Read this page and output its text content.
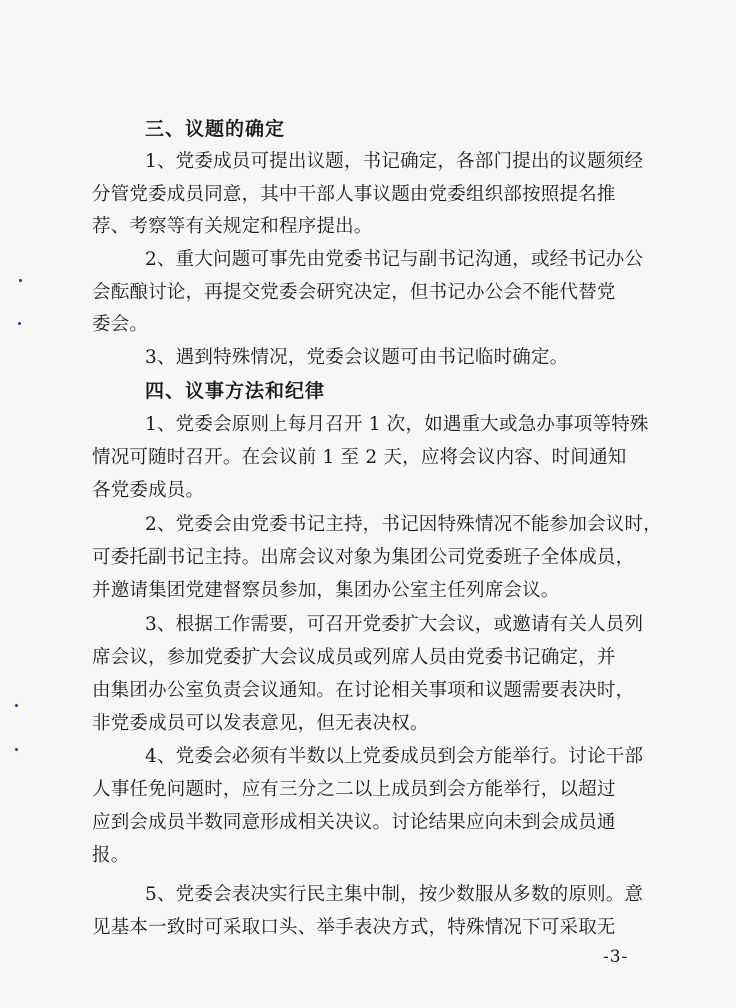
三、议题的确定
1、党委成员可提出议题，书记确定，各部门提出的议题须经
分管党委成员同意，其中干部人事议题由党委组织部按照提名推
荐、考察等有关规定和程序提出。
2、重大问题可事先由党委书记与副书记沟通，或经书记办公
会酝酿讨论，再提交党委会研究决定，但书记办公会不能代替党
委会。
3、遇到特殊情况，党委会议题可由书记临时确定。
四、议事方法和纪律
1、党委会原则上每月召开 1 次，如遇重大或急办事项等特殊
情况可随时召开。在会议前 1 至 2 天，应将会议内容、时间通知
各党委成员。
2、党委会由党委书记主持，书记因特殊情况不能参加会议时，
可委托副书记主持。出席会议对象为集团公司党委班子全体成员，
并邀请集团党建督察员参加，集团办公室主任列席会议。
3、根据工作需要，可召开党委扩大会议，或邀请有关人员列
席会议，参加党委扩大会议成员或列席人员由党委书记确定，并
由集团办公室负责会议通知。在讨论相关事项和议题需要表决时，
非党委成员可以发表意见，但无表决权。
4、党委会必须有半数以上党委成员到会方能举行。讨论干部
人事任免问题时，应有三分之二以上成员到会方能举行，以超过
应到会成员半数同意形成相关决议。讨论结果应向未到会成员通
报。
5、党委会表决实行民主集中制，按少数服从多数的原则。意
见基本一致时可采取口头、举手表决方式，特殊情况下可采取无
-3-
